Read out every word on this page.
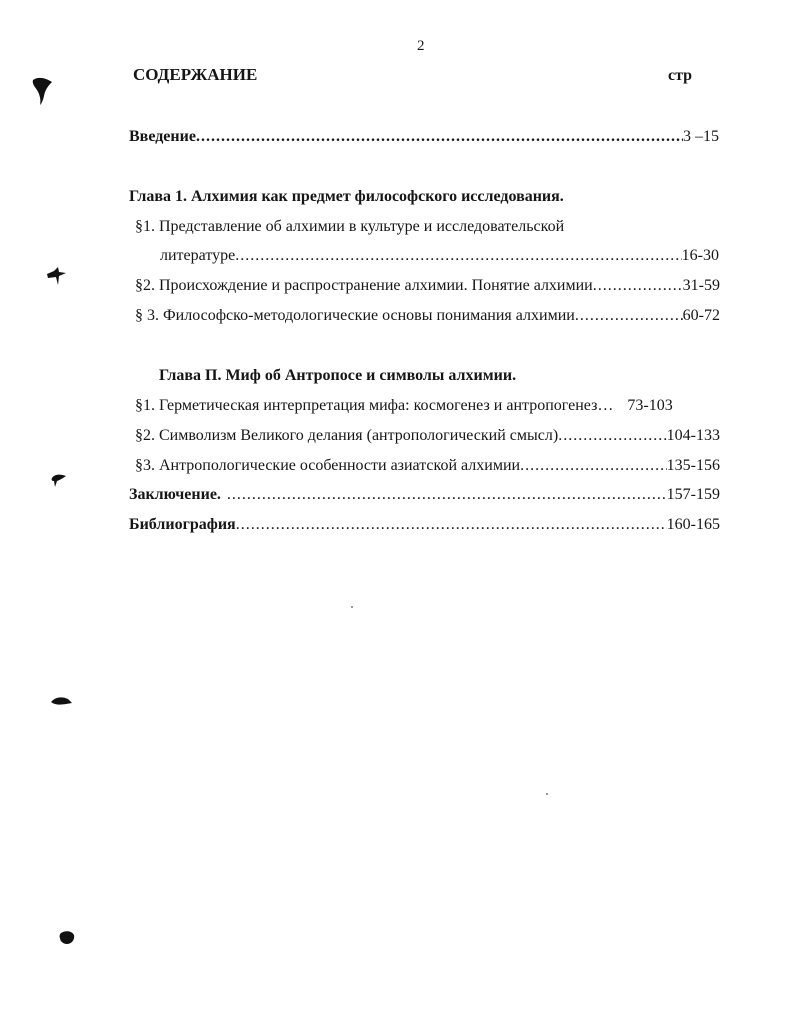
2
СОДЕРЖАНИЕ	стр
Введение .....	3 –15
Глава 1. Алхимия как предмет философского исследования.
§1. Представление об алхимии в культуре и исследовательской
литературе .....	16-30
§2. Происхождение и распространение алхимии. Понятие алхимии .....	31-59
§ 3. Философско-методологические основы понимания алхимии .....	60-72
Глава П. Миф об Антропосе и символы алхимии.
§1. Герметическая интерпретация мифа: космогенез и антропогенез… 73-103
§2. Символизм Великого делания (антропологический смысл) .....	104-133
§3. Антропологические особенности азиатской алхимии .....	135-156
Заключение. .....	157-159
Библиография .....	160-165
